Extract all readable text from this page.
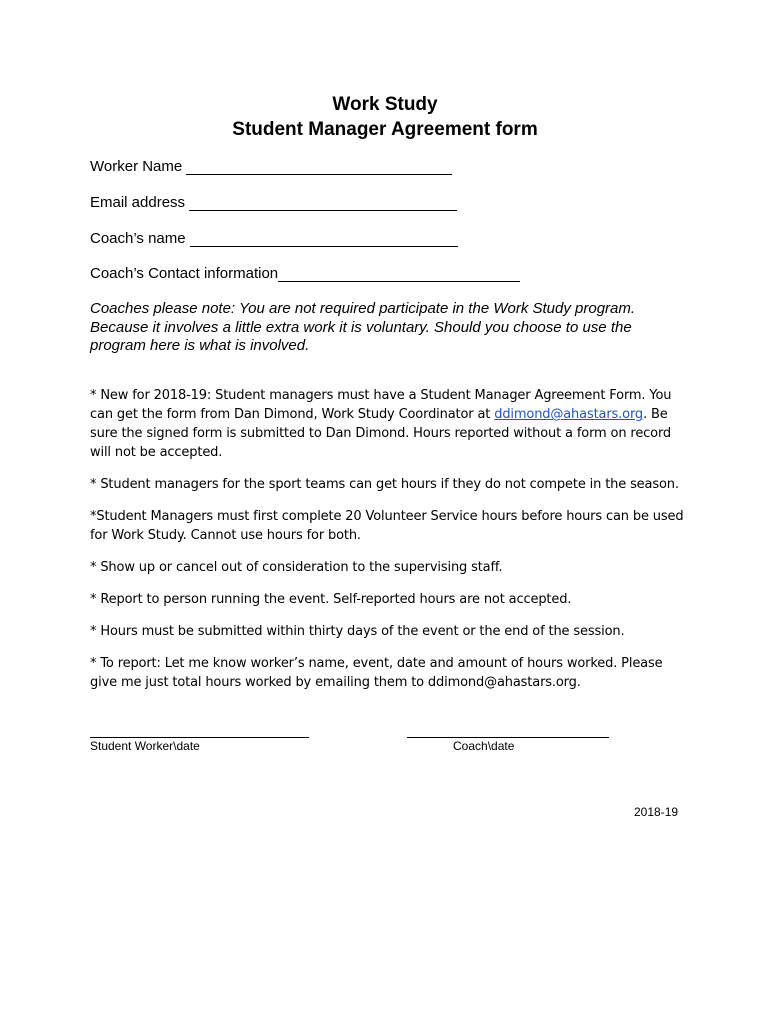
Work Study
Student Manager Agreement form
Worker Name
Email address
Coach’s name
Coach’s Contact information
Coaches please note: You are not required participate in the Work Study program. Because it involves a little extra work it is voluntary. Should you choose to use the program here is what is involved.
* New for 2018-19: Student managers must have a Student Manager Agreement Form. You can get the form from Dan Dimond, Work Study Coordinator at ddimond@ahastars.org. Be sure the signed form is submitted to Dan Dimond. Hours reported without a form on record will not be accepted.
* Student managers for the sport teams can get hours if they do not compete in the season.
*Student Managers must first complete 20 Volunteer Service hours before hours can be used for Work Study. Cannot use hours for both.
* Show up or cancel out of consideration to the supervising staff.
* Report to person running the event. Self-reported hours are not accepted.
* Hours must be submitted within thirty days of the event or the end of the session.
* To report: Let me know worker’s name, event, date and amount of hours worked. Please give me just total hours worked by emailing them to ddimond@ahastars.org.
Student Worker\date	Coach\date
2018-19
